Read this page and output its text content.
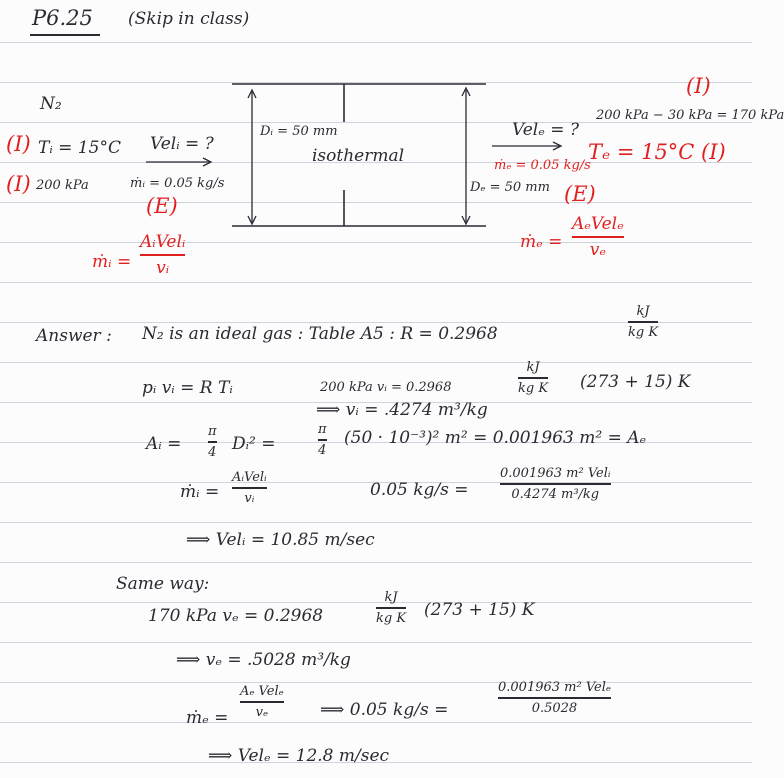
P6.25 (Skip in class)
N₂
(I) Tᵢ = 15°C
(I) 200 kPa
Velᵢ = ?
ṁᵢ = 0.05 kg/s
(E)
Dᵢ = 50 mm
isothermal
ṁᵢ =
AᵢVelᵢ
vᵢ
(I)
200 kPa − 30 kPa = 170 kPa
Velₑ = ?
ṁₑ = 0.05 kg/s
Tₑ = 15°C (I)
Dₑ = 50 mm (E)
ṁₑ =
AₑVelₑ
vₑ
Answer : N₂ is an ideal gas : Table A5 : R = 0.2968
kJ
kg K
pᵢ vᵢ = R Tᵢ	200 kPa vᵢ = 0.2968
kJ
kg K (273 + 15) K
⟹ vᵢ = .4274 m³/kg
Aᵢ =
π
4 Dᵢ² =
π
4
(50 · 10⁻³)² m² = 0.001963 m² = Aₑ
ṁᵢ =
AᵢVelᵢ
vᵢ	0.05 kg/s =
0.001963 m² Velᵢ
0.4274 m³/kg
⟹ Velᵢ = 10.85 m/sec
Same way:
170 kPa vₑ = 0.2968
kJ
kg K (273 + 15) K
⟹ vₑ = .5028 m³/kg
ṁₑ =
Aₑ Velₑ
vₑ	⟹ 0.05 kg/s =
0.001963 m² Velₑ
0.5028
⟹ Velₑ = 12.8 m/sec
